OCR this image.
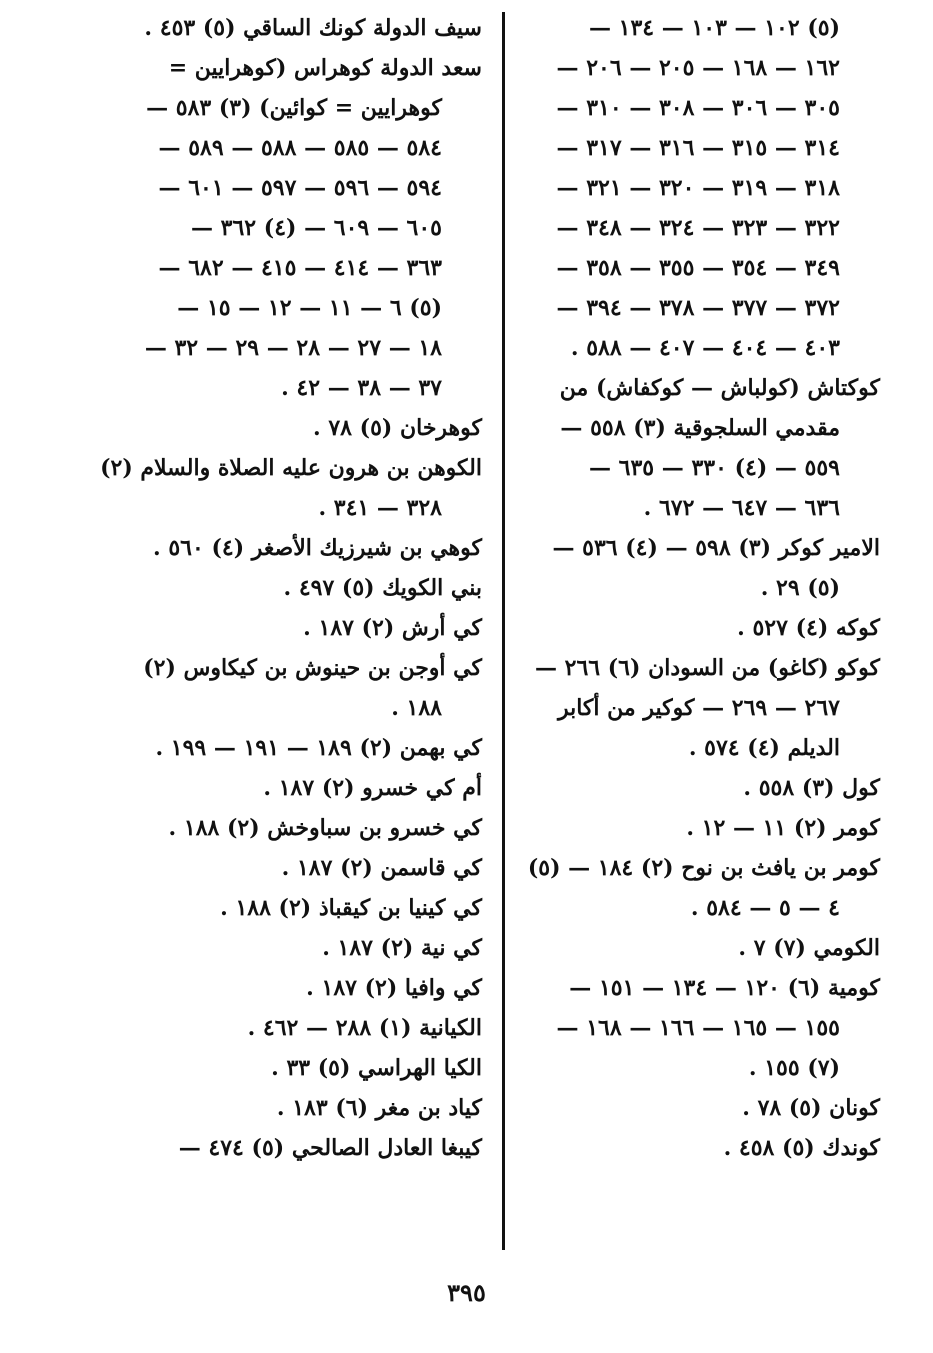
(٥) ١٠٢ — ١٠٣ — ١٣٤ —
١٦٢ — ١٦٨ — ٢٠٥ — ٢٠٦ —
٣٠٥ — ٣٠٦ — ٣٠٨ — ٣١٠ —
٣١٤ — ٣١٥ — ٣١٦ — ٣١٧ —
٣١٨ — ٣١٩ — ٣٢٠ — ٣٢١ —
٣٢٢ — ٣٢٣ — ٣٢٤ — ٣٤٨ —
٣٤٩ — ٣٥٤ — ٣٥٥ — ٣٥٨ —
٣٧٢ — ٣٧٧ — ٣٧٨ — ٣٩٤ —
٤٠٣ — ٤٠٤ — ٤٠٧ — ٥٨٨ .
كوكتاش (كولباش — كوكفاش) من
مقدمي السلجوقية (٣) ٥٥٨ —
٥٥٩ — (٤) ٣٣٠ — ٦٣٥ —
٦٣٦ — ٦٤٧ — ٦٧٢ .
الامير كوكر (٣) ٥٩٨ — (٤) ٥٣٦ —
(٥) ٢٩ .
كوكه (٤) ٥٢٧ .
كوكو (كاغو) من السودان (٦) ٢٦٦ —
٢٦٧ — ٢٦٩ — كوكير من أكابر
الديلم (٤) ٥٧٤ .
كول (٣) ٥٥٨ .
كومر (٢) ١١ — ١٢ .
كومر بن يافث بن نوح (٢) ١٨٤ — (٥)
٤ — ٥ — ٥٨٤ .
الكومي (٧) ٧ .
كومية (٦) ١٢٠ — ١٣٤ — ١٥١ —
١٥٥ — ١٦٥ — ١٦٦ — ١٦٨ —
(٧) ١٥٥ .
كونان (٥) ٧٨ .
كوندك (٥) ٤٥٨ .
سيف الدولة كونك الساقي (٥) ٤٥٣ .
سعد الدولة كوهراس (كوهرايين =
كوهرايين = كوائين) (٣) ٥٨٣ —
٥٨٤ — ٥٨٥ — ٥٨٨ — ٥٨٩ —
٥٩٤ — ٥٩٦ — ٥٩٧ — ٦٠١ —
٦٠٥ — ٦٠٩ — (٤) ٣٦٢ —
٣٦٣ — ٤١٤ — ٤١٥ — ٦٨٢ —
(٥) ٦ — ١١ — ١٢ — ١٥ —
١٨ — ٢٧ — ٢٨ — ٢٩ — ٣٢ —
٣٧ — ٣٨ — ٤٢ .
كوهرخان (٥) ٧٨ .
الكوهن بن هرون عليه الصلاة والسلام (٢)
٣٢٨ — ٣٤١ .
كوهي بن شيرزيك الأصغر (٤) ٥٦٠ .
بني الكويك (٥) ٤٩٧ .
كي أرش (٢) ١٨٧ .
كي أوجن بن حينوش بن كيكاوس (٢)
١٨٨ .
كي بهمن (٢) ١٨٩ — ١٩١ — ١٩٩ .
أم كي خسرو (٢) ١٨٧ .
كي خسرو بن سباوخش (٢) ١٨٨ .
كي قاسمن (٢) ١٨٧ .
كي كينيا بن كيقباذ (٢) ١٨٨ .
كي نية (٢) ١٨٧ .
كي وافيا (٢) ١٨٧ .
الكيانية (١) ٢٨٨ — ٤٦٢ .
الكيا الهراسي (٥) ٣٣ .
كياد بن مغر (٦) ١٨٣ .
كيبغا العادل الصالحي (٥) ٤٧٤ —
٣٩٥
